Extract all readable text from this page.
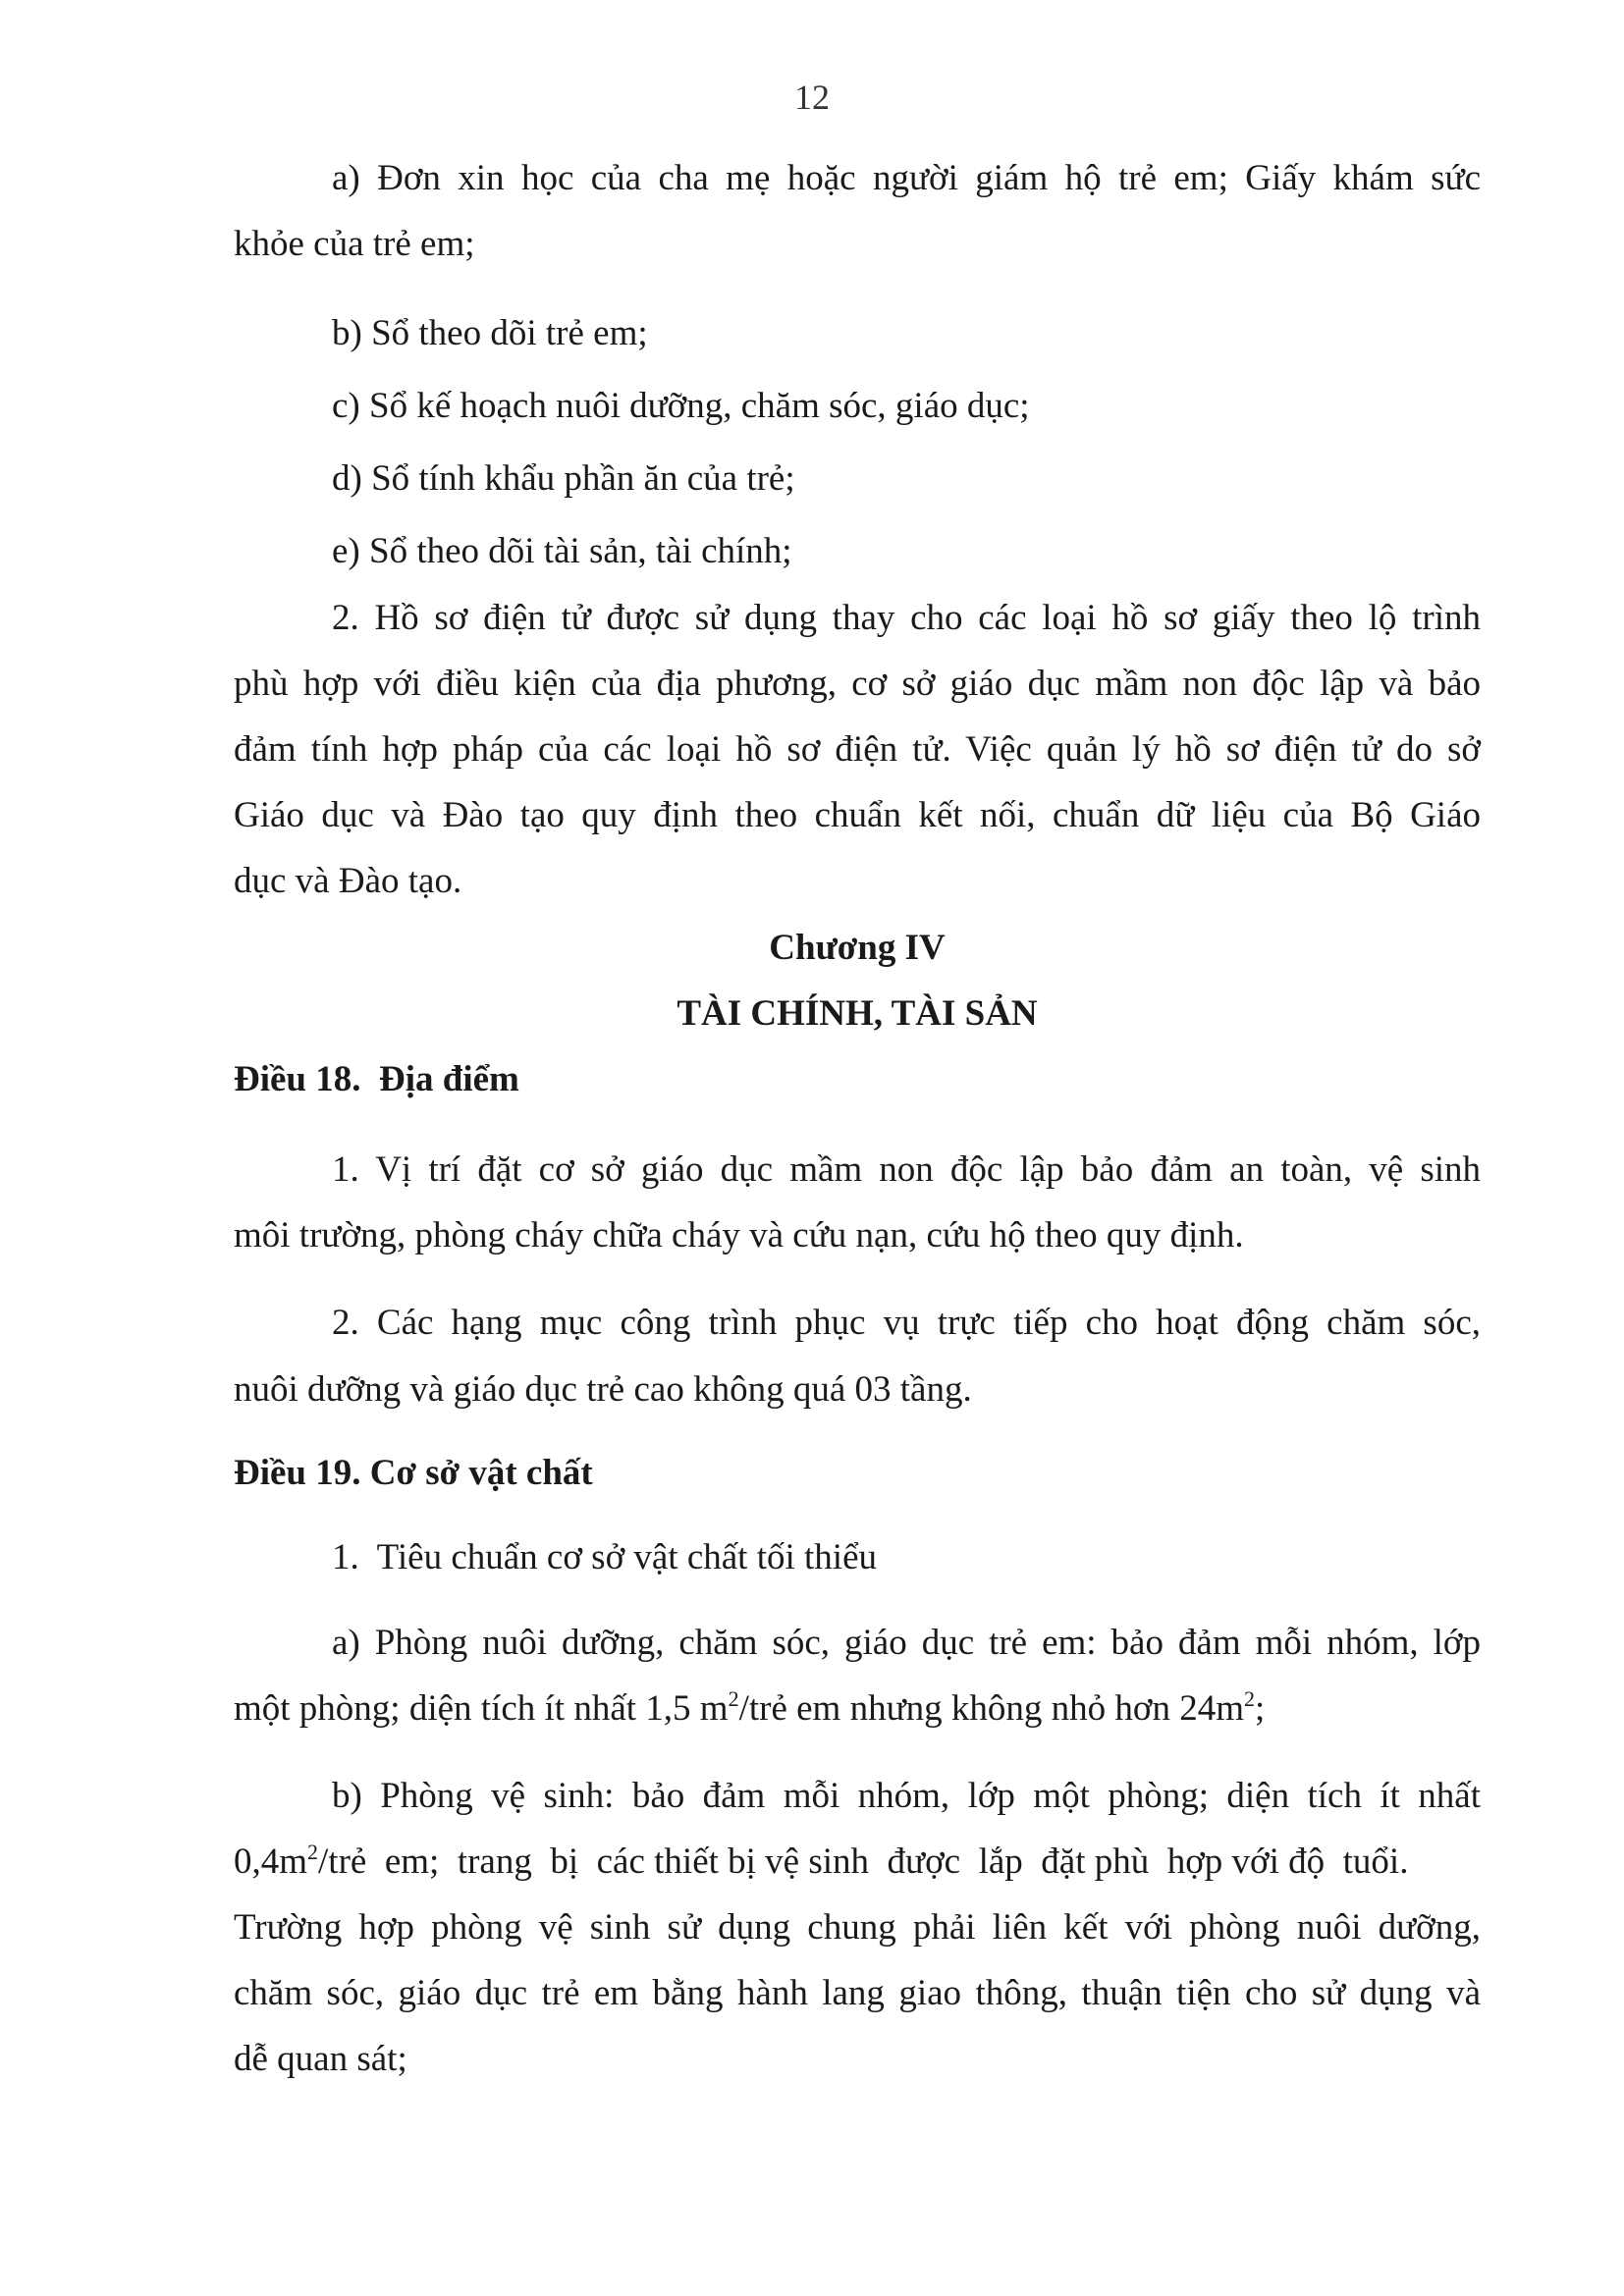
12
a) Đơn xin học của cha mẹ hoặc người giám hộ trẻ em; Giấy khám sức
khỏe của trẻ em;
b) Sổ theo dõi trẻ em;
c) Sổ kế hoạch nuôi dưỡng, chăm sóc, giáo dục;
d) Sổ tính khẩu phần ăn của trẻ;
e) Sổ theo dõi tài sản, tài chính;
2. Hồ sơ điện tử được sử dụng thay cho các loại hồ sơ giấy theo lộ trình
phù hợp với điều kiện của địa phương, cơ sở giáo dục mầm non độc lập và bảo
đảm tính hợp pháp của các loại hồ sơ điện tử. Việc quản lý hồ sơ điện tử do sở
Giáo dục và Đào tạo quy định theo chuẩn kết nối, chuẩn dữ liệu của Bộ Giáo
dục và Đào tạo.
Chương IV
TÀI CHÍNH, TÀI SẢN
Điều 18.  Địa điểm
1. Vị trí đặt cơ sở giáo dục mầm non độc lập bảo đảm an toàn, vệ sinh
môi trường, phòng cháy chữa cháy và cứu nạn, cứu hộ theo quy định.
2. Các hạng mục công trình phục vụ trực tiếp cho hoạt động chăm sóc,
nuôi dưỡng và giáo dục trẻ cao không quá 03 tầng.
Điều 19. Cơ sở vật chất
1.  Tiêu chuẩn cơ sở vật chất tối thiểu
a) Phòng nuôi dưỡng, chăm sóc, giáo dục trẻ em: bảo đảm mỗi nhóm, lớp
một phòng; diện tích ít nhất 1,5 $m^2$/trẻ em nhưng không nhỏ hơn $24m^2$;
b) Phòng vệ sinh: bảo đảm mỗi nhóm, lớp một phòng; diện tích ít nhất
$0,4m^2$/trẻ  em;  trang  bị  các thiết bị vệ sinh  được  lắp  đặt phù  hợp với độ  tuổi.
Trường hợp phòng vệ sinh sử dụng chung phải liên kết với phòng nuôi dưỡng,
chăm sóc, giáo dục trẻ em bằng hành lang giao thông, thuận tiện cho sử dụng và
dễ quan sát;
